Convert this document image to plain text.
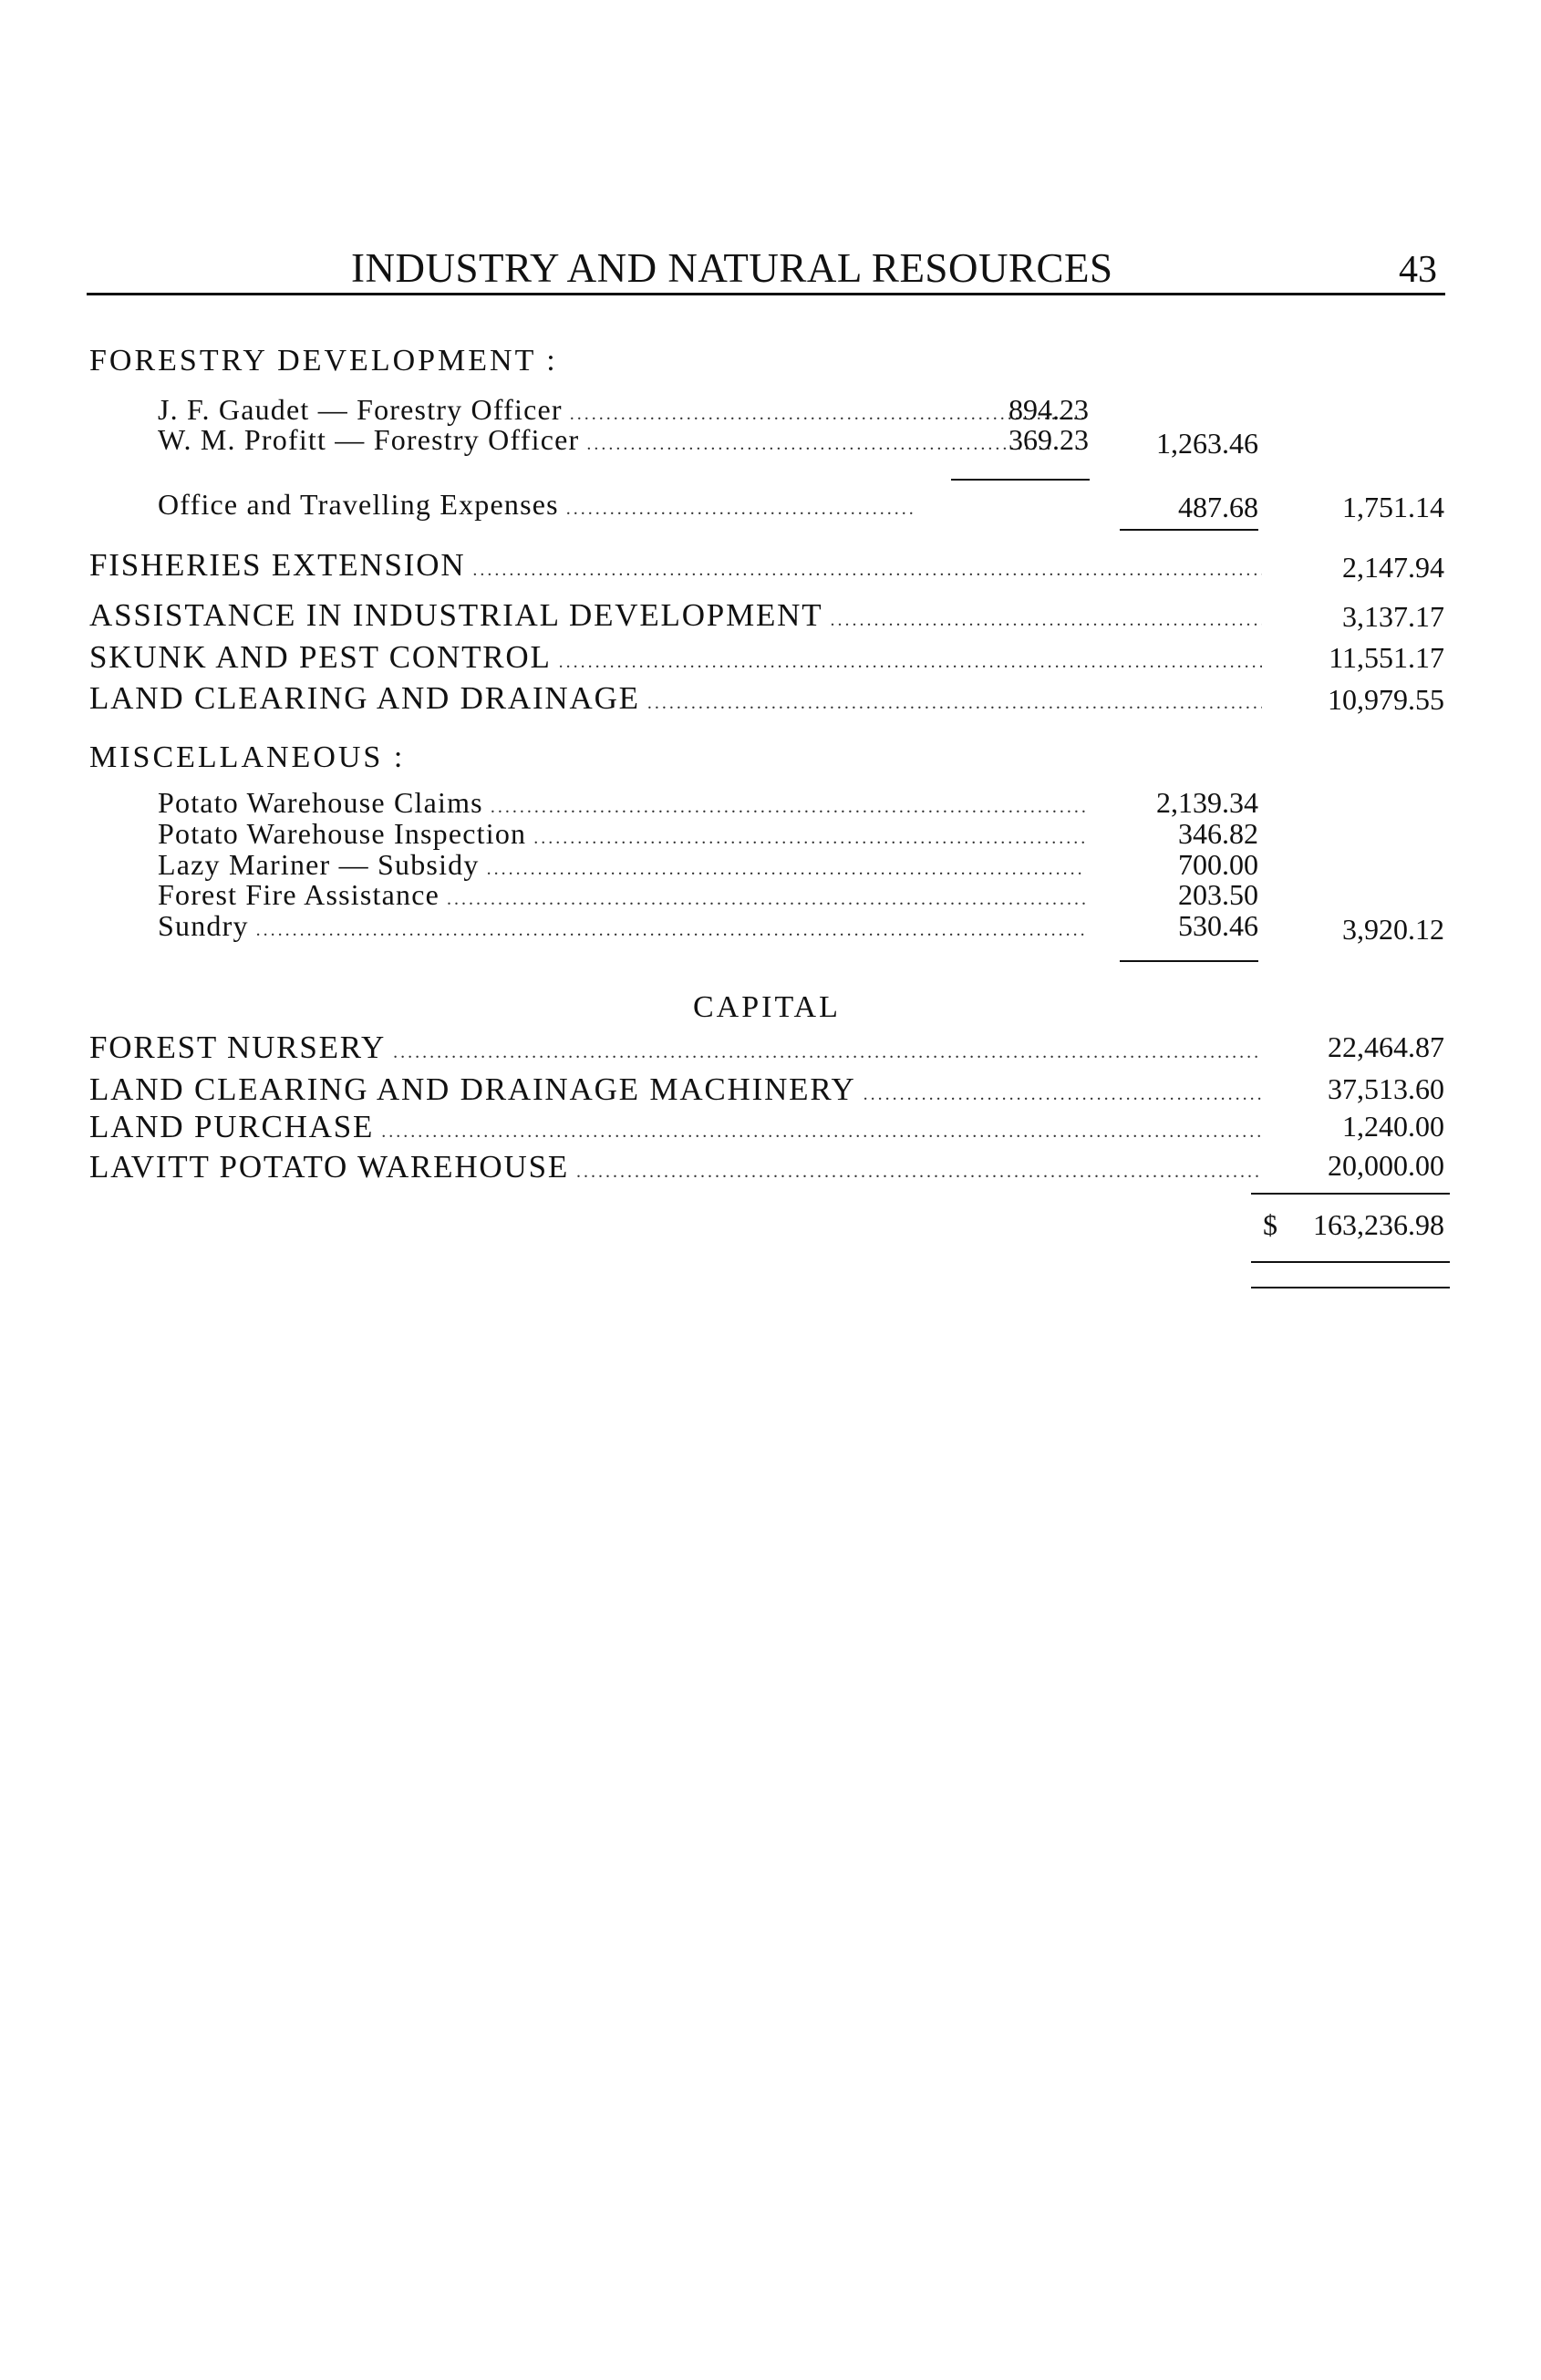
INDUSTRY AND NATURAL RESOURCES	43
FORESTRY DEVELOPMENT :
J. F. Gaudet — Forestry Officer .....	894.23
W. M. Profitt — Forestry Officer .....	369.23 1,263.46
Office and Travelling Expenses .....	487.68	1,751.14
FISHERIES EXTENSION .....	2,147.94
ASSISTANCE IN INDUSTRIAL DEVELOPMENT .....	3,137.17
SKUNK AND PEST CONTROL .....	11,551.17
LAND CLEARING AND DRAINAGE .....	10,979.55
MISCELLANEOUS :
Potato Warehouse Claims .....	2,139.34
Potato Warehouse Inspection .....	346.82
Lazy Mariner — Subsidy .....	700.00
Forest Fire Assistance .....	203.50
Sundry .....	530.46	3,920.12
CAPITAL
FOREST NURSERY .....	22,464.87
LAND CLEARING AND DRAINAGE MACHINERY .....	37,513.60
LAND PURCHASE .....	1,240.00
LAVITT POTATO WAREHOUSE .....	20,000.00
$ 163,236.98
